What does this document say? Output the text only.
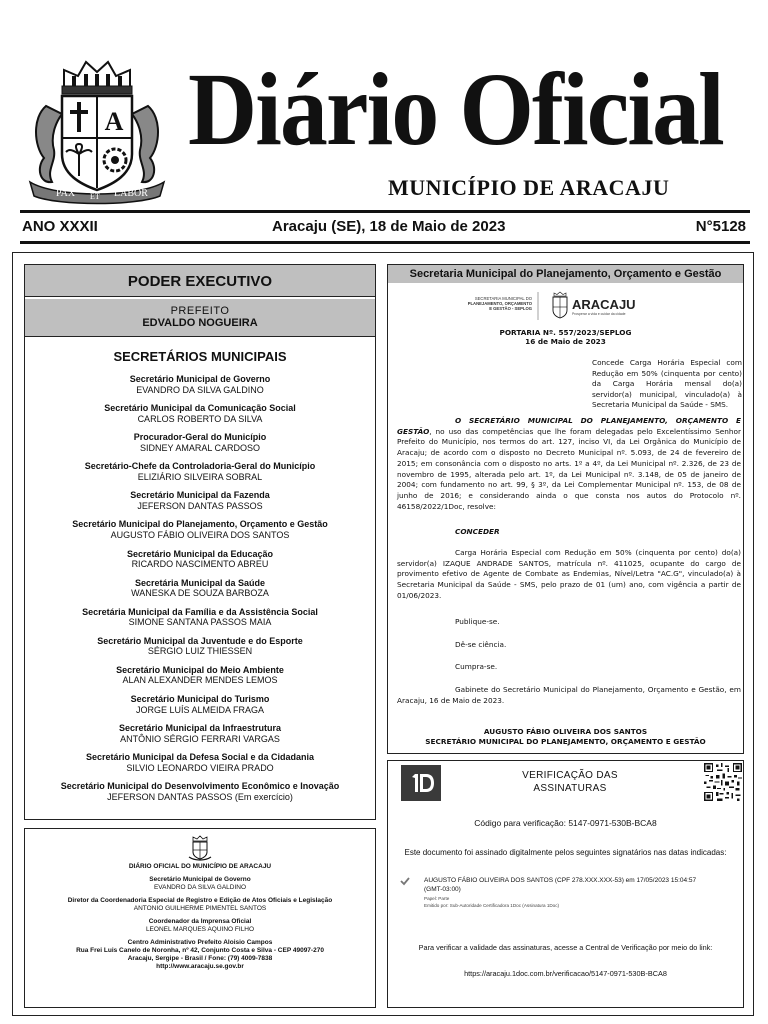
A
PAX ET LABOR
Diário Oficial
MUNICÍPIO DE ARACAJU
ANO XXXII	Aracaju (SE), 18 de Maio de 2023	N°5128
PODER EXECUTIVO
PREFEITO
EDVALDO NOGUEIRA
SECRETÁRIOS MUNICIPAIS
Secretário Municipal de Governo
EVANDRO DA SILVA GALDINO
Secretário Municipal da Comunicação Social
CARLOS ROBERTO DA SILVA
Procurador-Geral do Município
SIDNEY AMARAL CARDOSO
Secretário-Chefe da Controladoria-Geral do Município
ELIZIÁRIO SILVEIRA SOBRAL
Secretário Municipal da Fazenda
JEFERSON DANTAS PASSOS
Secretário Municipal do Planejamento, Orçamento e Gestão
AUGUSTO FÁBIO OLIVEIRA DOS SANTOS
Secretário Municipal da Educação
RICARDO NASCIMENTO ABREU
Secretária Municipal da Saúde
WANESKA DE SOUZA BARBOZA
Secretária Municipal da Família e da Assistência Social
SIMONE SANTANA PASSOS MAIA
Secretário Municipal da Juventude e do Esporte
SÉRGIO LUIZ THIESSEN
Secretário Municipal do Meio Ambiente
ALAN ALEXANDER MENDES LEMOS
Secretário Municipal do Turismo
JORGE LUÍS ALMEIDA FRAGA
Secretário Municipal da Infraestrutura
ANTÔNIO SÉRGIO FERRARI VARGAS
Secretário Municipal da Defesa Social e da Cidadania
SILVIO LEONARDO VIEIRA PRADO
Secretário Municipal do Desenvolvimento Econômico e Inovação
JEFERSON DANTAS PASSOS (Em exercício)
DIÁRIO OFICIAL DO MUNICÍPIO DE ARACAJU
Secretário Municipal de Governo
EVANDRO DA SILVA GALDINO
Diretor da Coordenadoria Especial de Registro e Edição de Atos Oficiais e Legislação
ANTONIO GUILHERME PIMENTEL SANTOS
Coordenador da Imprensa Oficial
LEONEL MARQUES AQUINO FILHO
Centro Administrativo Prefeito Aloisio Campos
Rua Frei Luis Canelo de Noronha, nº 42, Conjunto Costa e Silva - CEP 49097-270
Aracaju, Sergipe - Brasil / Fone: (79) 4009-7838
http://www.aracaju.se.gov.br
Secretaria Municipal do Planejamento, Orçamento e Gestão
SECRETARIA MUNICIPAL DO
PLANEJAMENTO, ORÇAMENTO
E GESTÃO - SEPLOG	ARACAJU
Prosperar a vida e cuidar da cidade
PORTARIA Nº. 557/2023/SEPLOG
16 de Maio de 2023
Concede Carga Horária Especial com Redução em 50% (cinquenta por cento) da Carga Horária mensal do(a) servidor(a) municipal, vinculado(a) à Secretaria Municipal da Saúde - SMS.
O SECRETÁRIO MUNICIPAL DO PLANEJAMENTO, ORÇAMENTO E GESTÃO, no uso das competências que lhe foram delegadas pelo Excelentíssimo Senhor Prefeito do Município, nos termos do art. 127, inciso VI, da Lei Orgânica do Município de Aracaju; de acordo com o disposto no Decreto Municipal nº. 5.093, de 24 de fevereiro de 2015; em consonância com o disposto no arts. 1º a 4º, da Lei Municipal nº. 2.326, de 23 de novembro de 1995, alterada pelo art. 1º, da Lei Municipal nº. 3.148, de 05 de janeiro de 2004; com fundamento no art. 99, § 3º, da Lei Complementar Municipal nº. 153, de 08 de junho de 2016; e considerando ainda o que consta nos autos do Protocolo nº. 46158/2022/1Doc, resolve:
CONCEDER
Carga Horária Especial com Redução em 50% (cinquenta por cento) do(a) servidor(a) IZAQUE ANDRADE SANTOS, matrícula nº. 411025, ocupante do cargo de provimento efetivo de Agente de Combate as Endemias, Nível/Letra "AC.G", vinculado(a) à Secretaria Municipal da Saúde - SMS, pelo prazo de 01 (um) ano, com vigência a partir de 01/06/2023.
Publique-se.
Dê-se ciência.
Cumpra-se.
Gabinete do Secretário Municipal do Planejamento, Orçamento e Gestão, em Aracaju, 16 de Maio de 2023.
AUGUSTO FÁBIO OLIVEIRA DOS SANTOS
SECRETÁRIO MUNICIPAL DO PLANEJAMENTO, ORÇAMENTO E GESTÃO
1D
VERIFICAÇÃO DAS ASSINATURAS
Código para verificação: 5147-0971-530B-BCA8
Este documento foi assinado digitalmente pelos seguintes signatários nas datas indicadas:
AUGUSTO FÁBIO OLIVEIRA DOS SANTOS (CPF 278.XXX.XXX-53) em 17/05/2023 15:04:57
(GMT-03:00)
Papel: Parte
Emitido por: Sub-Autoridade Certificadora 1Doc (Assinatura 1Doc)
Para verificar a validade das assinaturas, acesse a Central de Verificação por meio do link:
https://aracaju.1doc.com.br/verificacao/5147-0971-530B-BCA8
